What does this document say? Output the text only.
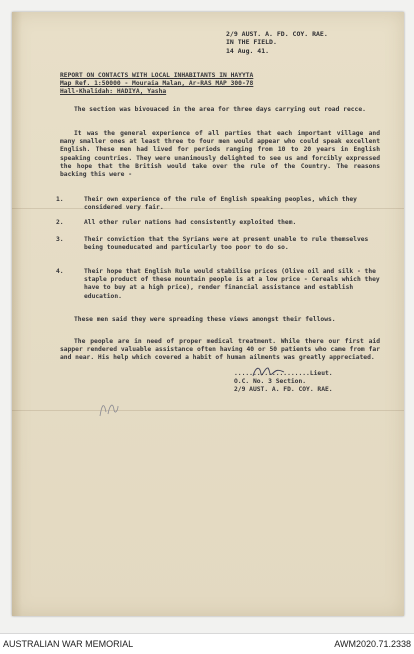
2/9 AUST. A. FD. COY. RAE.
IN THE FIELD.
14 Aug. 41.
REPORT ON CONTACTS WITH LOCAL INHABITANTS IN HAYYTA
Map Ref. 1:50000 - Mouraia Malan, Ar-RAS MAP 300-78
Hall-Khalidah: HADIYA, Yasha

The section was bivouaced in the area for three days carrying out road recce.

It was the general experience of all parties that each important village and many smaller ones at least three to four men would appear who could speak excellent English. These men had lived for periods ranging from 10 to 20 years in English speaking countries. They were unanimously delighted to see us and forcibly expressed the hope that the British would take over the rule of the Country. The reasons backing this were -

1.	Their own experience of the rule of English speaking peoples, which they considered very fair.
2.	All other ruler nations had consistently exploited them.
3.	Their conviction that the Syrians were at present unable to rule themselves being touneducated and particularly too poor to do so.
4.	Their hope that English Rule would stabilise prices (Olive oil and silk - the staple product of these mountain people is at a low price - Cereals which they have to buy at a high price), render financial assistance and establish education.

These men said they were spreading these views amongst their fellows.

The people are in need of proper medical treatment. While there our first aid sapper rendered valuable assistance often having 40 or 50 patients who came from far and near. His help which covered a habit of human ailments was greatly appreciated.

....................Lieut.
O.C. No. 3 Section.
2/9 AUST. A. FD. COY. RAE.
AUSTRALIAN WAR MEMORIAL	AWM2020.71.2338
